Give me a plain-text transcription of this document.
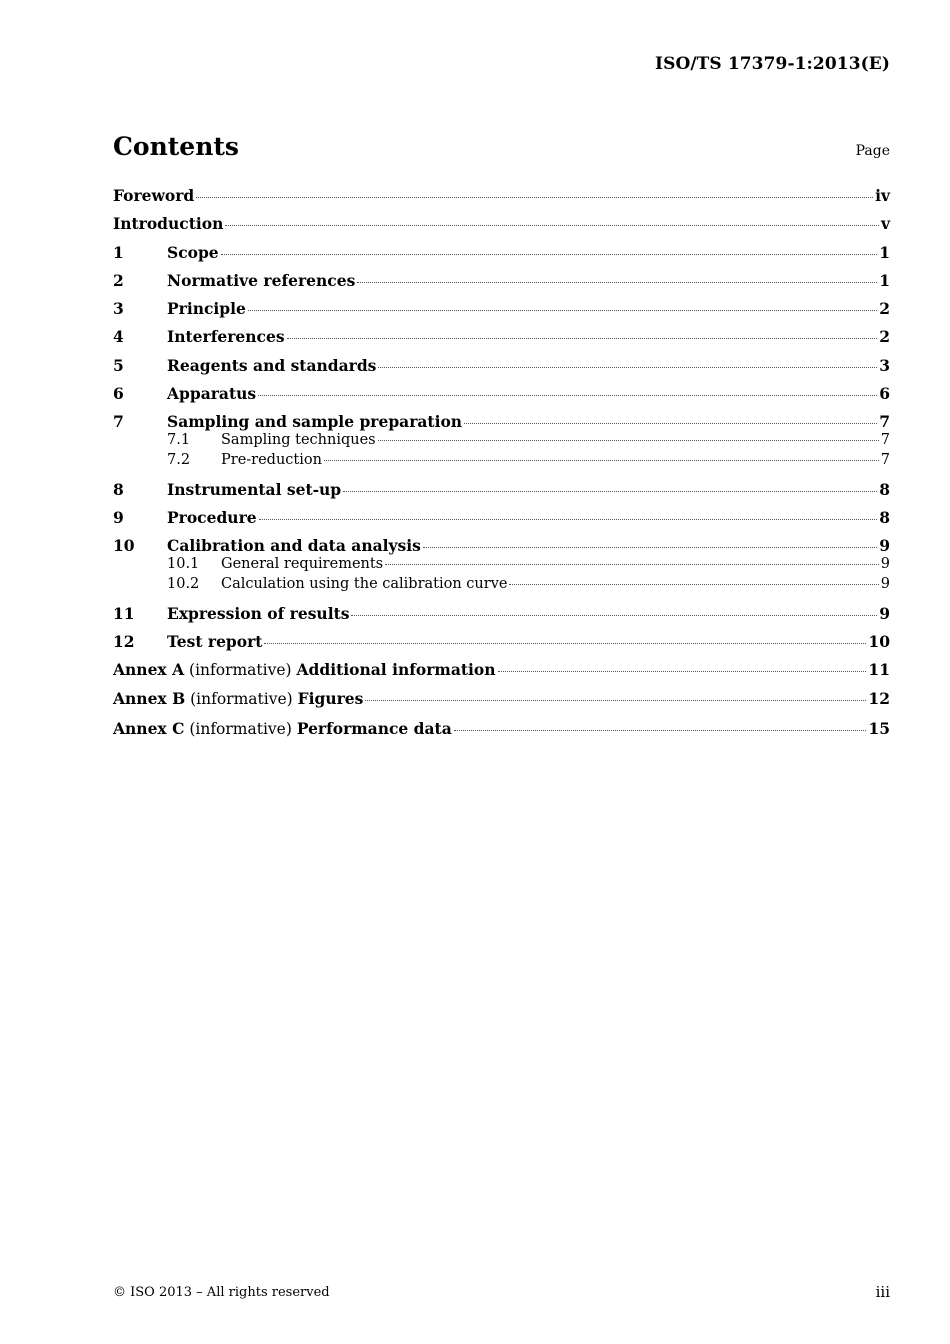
ISO/TS 17379-1:2013(E)
Contents	Page
Foreword	iv
Introduction	v
1	Scope	1
2	Normative references	1
3	Principle	2
4	Interferences	2
5	Reagents and standards	3
6	Apparatus	6
7	Sampling and sample preparation	7
7.1	Sampling techniques	7
7.2	Pre-reduction	7
8	Instrumental set-up	8
9	Procedure	8
10	Calibration and data analysis	9
10.1	General requirements	9
10.2	Calculation using the calibration curve	9
11	Expression of results	9
12	Test report	10
Annex A (informative) Additional information	11
Annex B (informative) Figures	12
Annex C (informative) Performance data	15
© ISO 2013 – All rights reserved	iii
